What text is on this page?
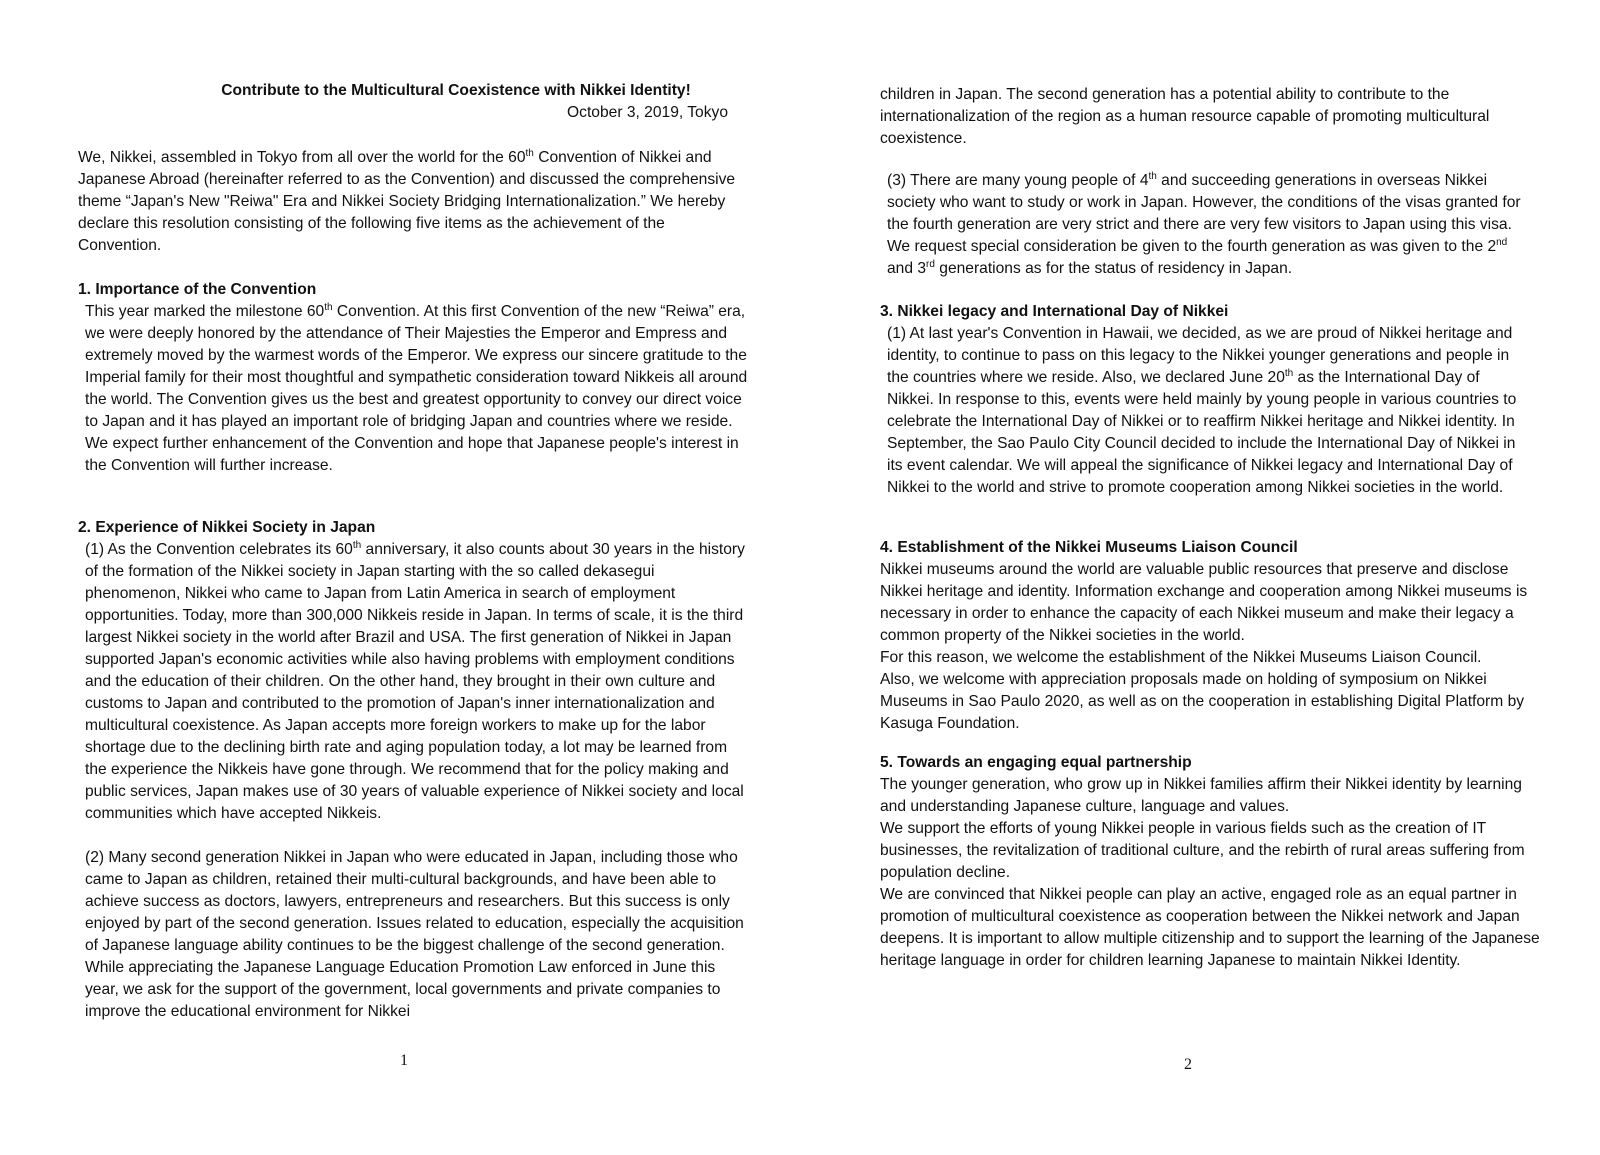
Contribute to the Multicultural Coexistence with Nikkei Identity!
October 3, 2019, Tokyo

We, Nikkei, assembled in Tokyo from all over the world for the 60th Convention of Nikkei and Japanese Abroad (hereinafter referred to as the Convention) and discussed the comprehensive theme “Japan's New "Reiwa" Era and Nikkei Society Bridging Internationalization.” We hereby declare this resolution consisting of the following five items as the achievement of the Convention.

1. Importance of the Convention

This year marked the milestone 60th Convention. At this first Convention of the new “Reiwa” era, we were deeply honored by the attendance of Their Majesties the Emperor and Empress and extremely moved by the warmest words of the Emperor. We express our sincere gratitude to the Imperial family for their most thoughtful and sympathetic consideration toward Nikkeis all around the world. The Convention gives us the best and greatest opportunity to convey our direct voice to Japan and it has played an important role of bridging Japan and countries where we reside. We expect further enhancement of the Convention and hope that Japanese people's interest in the Convention will further increase.

2. Experience of Nikkei Society in Japan

(1) As the Convention celebrates its 60th anniversary, it also counts about 30 years in the history of the formation of the Nikkei society in Japan starting with the so called dekasegui phenomenon, Nikkei who came to Japan from Latin America in search of employment opportunities. Today, more than 300,000 Nikkeis reside in Japan. In terms of scale, it is the third largest Nikkei society in the world after Brazil and USA. The first generation of Nikkei in Japan supported Japan's economic activities while also having problems with employment conditions and the education of their children. On the other hand, they brought in their own culture and customs to Japan and contributed to the promotion of Japan's inner internationalization and multicultural coexistence. As Japan accepts more foreign workers to make up for the labor shortage due to the declining birth rate and aging population today, a lot may be learned from the experience the Nikkeis have gone through. We recommend that for the policy making and public services, Japan makes use of 30 years of valuable experience of Nikkei society and local communities which have accepted Nikkeis.

(2) Many second generation Nikkei in Japan who were educated in Japan, including those who came to Japan as children, retained their multi-cultural backgrounds, and have been able to achieve success as doctors, lawyers, entrepreneurs and researchers. But this success is only enjoyed by part of the second generation. Issues related to education, especially the acquisition of Japanese language ability continues to be the biggest challenge of the second generation. While appreciating the Japanese Language Education Promotion Law enforced in June this year, we ask for the support of the government, local governments and private companies to improve the educational environment for Nikkei

1

children in Japan. The second generation has a potential ability to contribute to the internationalization of the region as a human resource capable of promoting multicultural coexistence.

(3) There are many young people of 4th and succeeding generations in overseas Nikkei society who want to study or work in Japan. However, the conditions of the visas granted for the fourth generation are very strict and there are very few visitors to Japan using this visa. We request special consideration be given to the fourth generation as was given to the 2nd and 3rd generations as for the status of residency in Japan.

3. Nikkei legacy and International Day of Nikkei

(1) At last year's Convention in Hawaii, we decided, as we are proud of Nikkei heritage and identity, to continue to pass on this legacy to the Nikkei younger generations and people in the countries where we reside. Also, we declared June 20th as the International Day of Nikkei. In response to this, events were held mainly by young people in various countries to celebrate the International Day of Nikkei or to reaffirm Nikkei heritage and Nikkei identity. In September, the Sao Paulo City Council decided to include the International Day of Nikkei in its event calendar. We will appeal the significance of Nikkei legacy and International Day of Nikkei to the world and strive to promote cooperation among Nikkei societies in the world.

4. Establishment of the Nikkei Museums Liaison Council

Nikkei museums around the world are valuable public resources that preserve and disclose Nikkei heritage and identity. Information exchange and cooperation among Nikkei museums is necessary in order to enhance the capacity of each Nikkei museum and make their legacy a common property of the Nikkei societies in the world.

For this reason, we welcome the establishment of the Nikkei Museums Liaison Council.

Also, we welcome with appreciation proposals made on holding of symposium on Nikkei Museums in Sao Paulo 2020, as well as on the cooperation in establishing Digital Platform by Kasuga Foundation.

5. Towards an engaging equal partnership

The younger generation, who grow up in Nikkei families affirm their Nikkei identity by learning and understanding Japanese culture, language and values.

We support the efforts of young Nikkei people in various fields such as the creation of IT businesses, the revitalization of traditional culture, and the rebirth of rural areas suffering from population decline.

We are convinced that Nikkei people can play an active, engaged role as an equal partner in promotion of multicultural coexistence as cooperation between the Nikkei network and Japan deepens. It is important to allow multiple citizenship and to support the learning of the Japanese heritage language in order for children learning Japanese to maintain Nikkei Identity.

2
